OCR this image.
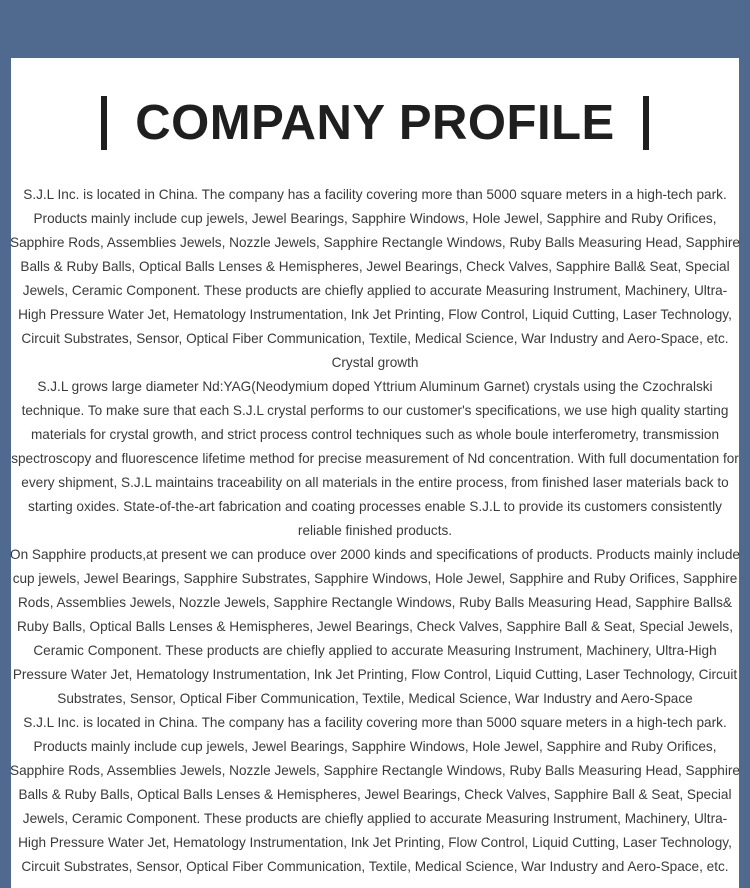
COMPANY PROFILE

S.J.L Inc. is located in China. The company has a facility covering more than 5000 square meters in a high-tech park. Products mainly include cup jewels, Jewel Bearings, Sapphire Windows, Hole Jewel, Sapphire and Ruby Orifices, Sapphire Rods, Assemblies Jewels, Nozzle Jewels, Sapphire Rectangle Windows, Ruby Balls Measuring Head, Sapphire Balls & Ruby Balls, Optical Balls Lenses & Hemispheres, Jewel Bearings, Check Valves, Sapphire Ball& Seat, Special Jewels, Ceramic Component. These products are chiefly applied to accurate Measuring Instrument, Machinery, Ultra-High Pressure Water Jet, Hematology Instrumentation, Ink Jet Printing, Flow Control, Liquid Cutting, Laser Technology, Circuit Substrates, Sensor, Optical Fiber Communication, Textile, Medical Science, War Industry and Aero-Space, etc.

Crystal growth

S.J.L grows large diameter Nd:YAG(Neodymium doped Yttrium Aluminum Garnet) crystals using the Czochralski technique. To make sure that each S.J.L crystal performs to our customer's specifications, we use high quality starting materials for crystal growth, and strict process control techniques such as whole boule interferometry, transmission spectroscopy and fluorescence lifetime method for precise measurement of Nd concentration. With full documentation for every shipment, S.J.L maintains traceability on all materials in the entire process, from finished laser materials back to starting oxides. State-of-the-art fabrication and coating processes enable S.J.L to provide its customers consistently reliable finished products.

On Sapphire products,at present we can produce over 2000 kinds and specifications of products. Products mainly include cup jewels, Jewel Bearings, Sapphire Substrates, Sapphire Windows, Hole Jewel, Sapphire and Ruby Orifices, Sapphire Rods, Assemblies Jewels, Nozzle Jewels, Sapphire Rectangle Windows, Ruby Balls Measuring Head, Sapphire Balls& Ruby Balls, Optical Balls Lenses & Hemispheres, Jewel Bearings, Check Valves, Sapphire Ball & Seat, Special Jewels, Ceramic Component. These products are chiefly applied to accurate Measuring Instrument, Machinery, Ultra-High Pressure Water Jet, Hematology Instrumentation, Ink Jet Printing, Flow Control, Liquid Cutting, Laser Technology, Circuit Substrates, Sensor, Optical Fiber Communication, Textile, Medical Science, War Industry and Aero-Space

S.J.L Inc. is located in China. The company has a facility covering more than 5000 square meters in a high-tech park. Products mainly include cup jewels, Jewel Bearings, Sapphire Windows, Hole Jewel, Sapphire and Ruby Orifices, Sapphire Rods, Assemblies Jewels, Nozzle Jewels, Sapphire Rectangle Windows, Ruby Balls Measuring Head, Sapphire Balls & Ruby Balls, Optical Balls Lenses & Hemispheres, Jewel Bearings, Check Valves, Sapphire Ball & Seat, Special Jewels, Ceramic Component. These products are chiefly applied to accurate Measuring Instrument, Machinery, Ultra-High Pressure Water Jet, Hematology Instrumentation, Ink Jet Printing, Flow Control, Liquid Cutting, Laser Technology, Circuit Substrates, Sensor, Optical Fiber Communication, Textile, Medical Science, War Industry and Aero-Space, etc.
